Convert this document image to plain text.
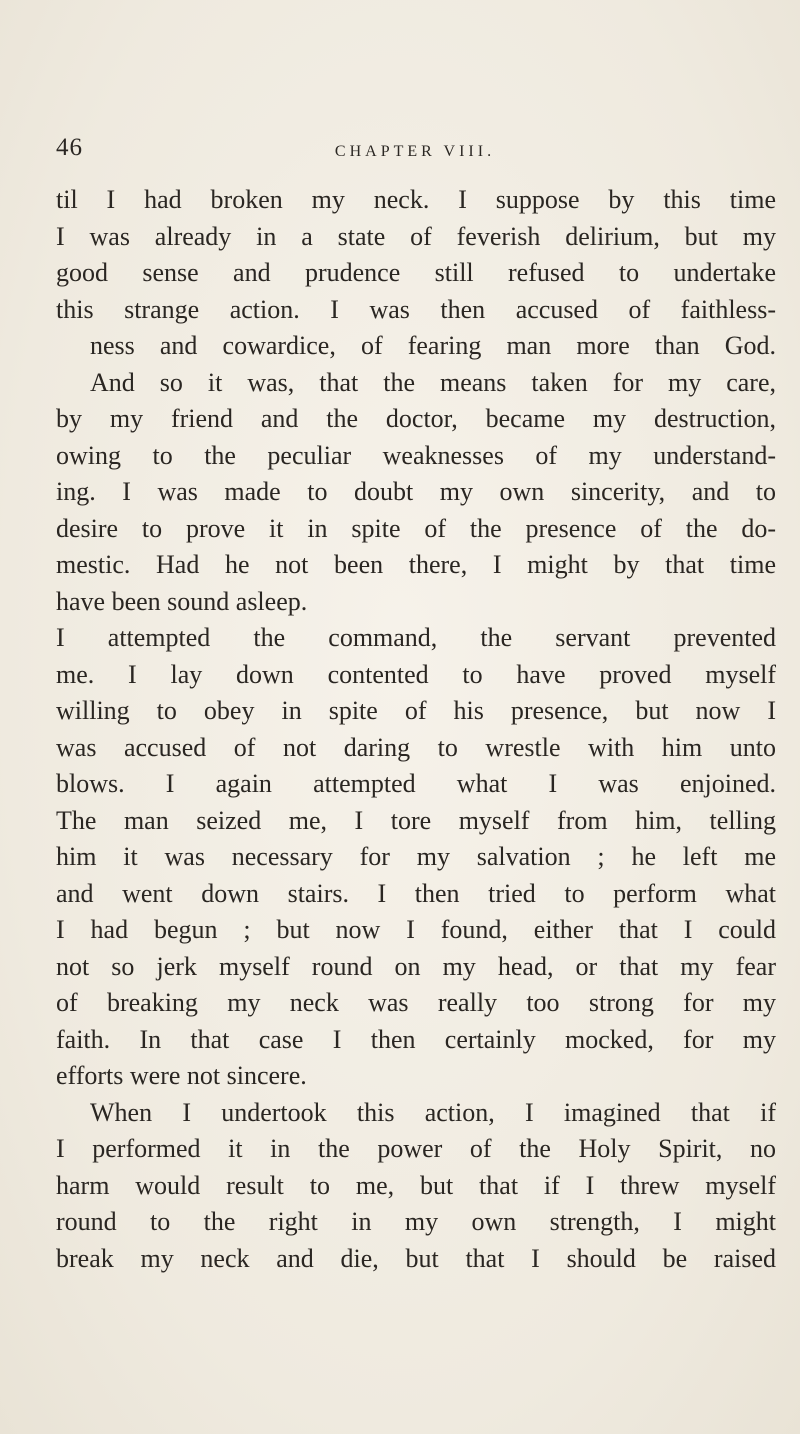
46	CHAPTER VIII.
til I had broken my neck. I suppose by this time
I was already in a state of feverish delirium, but my
good sense and prudence still refused to undertake
this strange action. I was then accused of faithless-
ness and cowardice, of fearing man more than God.
And so it was, that the means taken for my care,
by my friend and the doctor, became my destruction,
owing to the peculiar weaknesses of my understand-
ing. I was made to doubt my own sincerity, and to
desire to prove it in spite of the presence of the do-
mestic. Had he not been there, I might by that time
have been sound asleep.
I attempted the command, the servant prevented
me. I lay down contented to have proved myself
willing to obey in spite of his presence, but now I
was accused of not daring to wrestle with him unto
blows. I again attempted what I was enjoined.
The man seized me, I tore myself from him, telling
him it was necessary for my salvation ; he left me
and went down stairs. I then tried to perform what
I had begun ; but now I found, either that I could
not so jerk myself round on my head, or that my fear
of breaking my neck was really too strong for my
faith. In that case I then certainly mocked, for my
efforts were not sincere.
When I undertook this action, I imagined that if
I performed it in the power of the Holy Spirit, no
harm would result to me, but that if I threw myself
round to the right in my own strength, I might
break my neck and die, but that I should be raised
